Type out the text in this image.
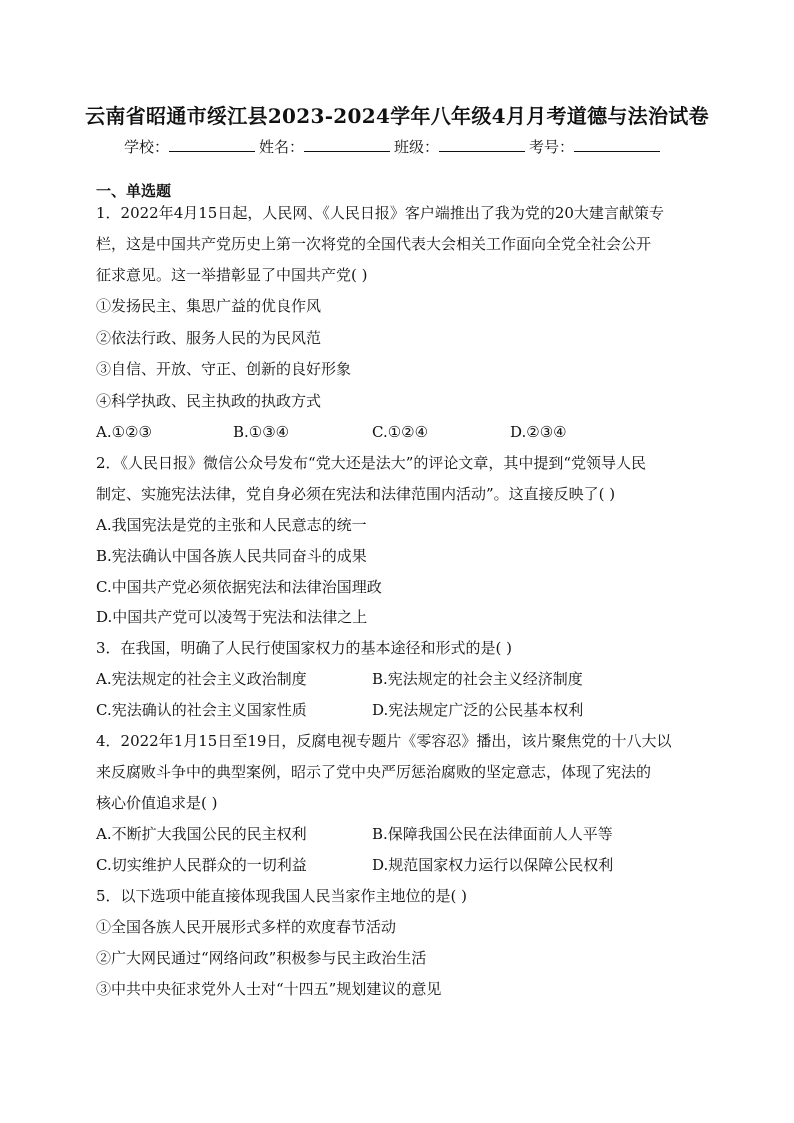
云南省昭通市绥江县2023-2024学年八年级4月月考道德与法治试卷
学校：	姓名：	班级：	考号：
一、单选题
1．2022年4月15日起，人民网、《人民日报》客户端推出了我为党的20大建言献策专
栏，这是中国共产党历史上第一次将党的全国代表大会相关工作面向全党全社会公开
征求意见。这一举措彰显了中国共产党( )
①发扬民主、集思广益的优良作风
②依法行政、服务人民的为民风范
③自信、开放、守正、创新的良好形象
④科学执政、民主执政的执政方式
A.①②③	B.①③④	C.①②④	D.②③④
2．《人民日报》微信公众号发布“党大还是法大”的评论文章，其中提到“党领导人民
制定、实施宪法法律，党自身必须在宪法和法律范围内活动”。这直接反映了( )
A.我国宪法是党的主张和人民意志的统一
B.宪法确认中国各族人民共同奋斗的成果
C.中国共产党必须依据宪法和法律治国理政
D.中国共产党可以凌驾于宪法和法律之上
3．在我国，明确了人民行使国家权力的基本途径和形式的是( )
A.宪法规定的社会主义政治制度	B.宪法规定的社会主义经济制度
C.宪法确认的社会主义国家性质	D.宪法规定广泛的公民基本权利
4．2022年1月15日至19日，反腐电视专题片《零容忍》播出，该片聚焦党的十八大以
来反腐败斗争中的典型案例，昭示了党中央严厉惩治腐败的坚定意志，体现了宪法的
核心价值追求是( )
A.不断扩大我国公民的民主权利	B.保障我国公民在法律面前人人平等
C.切实维护人民群众的一切利益	D.规范国家权力运行以保障公民权利
5．以下选项中能直接体现我国人民当家作主地位的是( )
①全国各族人民开展形式多样的欢度春节活动
②广大网民通过“网络问政”积极参与民主政治生活
③中共中央征求党外人士对“十四五”规划建议的意见
